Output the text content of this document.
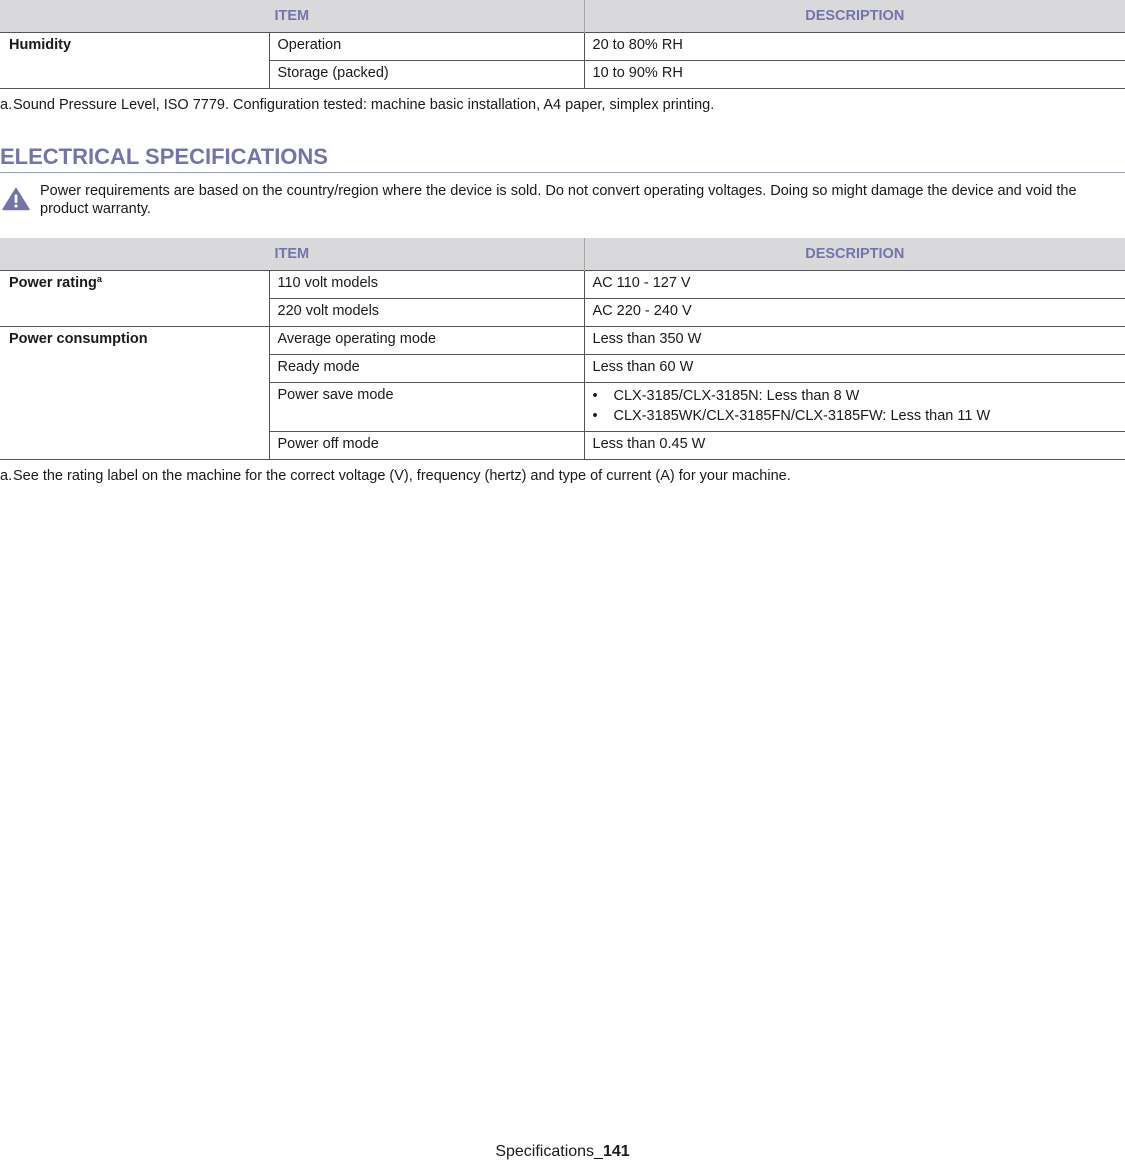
ITEM		DESCRIPTION
Humidity	Operation	20 to 80% RH
	Storage (packed)	10 to 90% RH

a.Sound Pressure Level, ISO 7779. Configuration tested: machine basic installation, A4 paper, simplex printing.

ELECTRICAL SPECIFICATIONS
Power requirements are based on the country/region where the device is sold. Do not convert operating voltages. Doing so might damage the device and void the product warranty.
ITEM		DESCRIPTION
Power rating$^a$	110 volt models	AC 110 - 127 V
	220 volt models	AC 220 - 240 V
Power consumption	Average operating mode	Less than 350 W
	Ready mode	Less than 60 W
	Power save mode	• CLX-3185/CLX-3185N: Less than 8 W
• CLX-3185WK/CLX-3185FN/CLX-3185FW: Less than 11 W

	Power off mode	Less than 0.45 W

a.See the rating label on the machine for the correct voltage (V), frequency (hertz) and type of current (A) for your machine.

Specifications_141
